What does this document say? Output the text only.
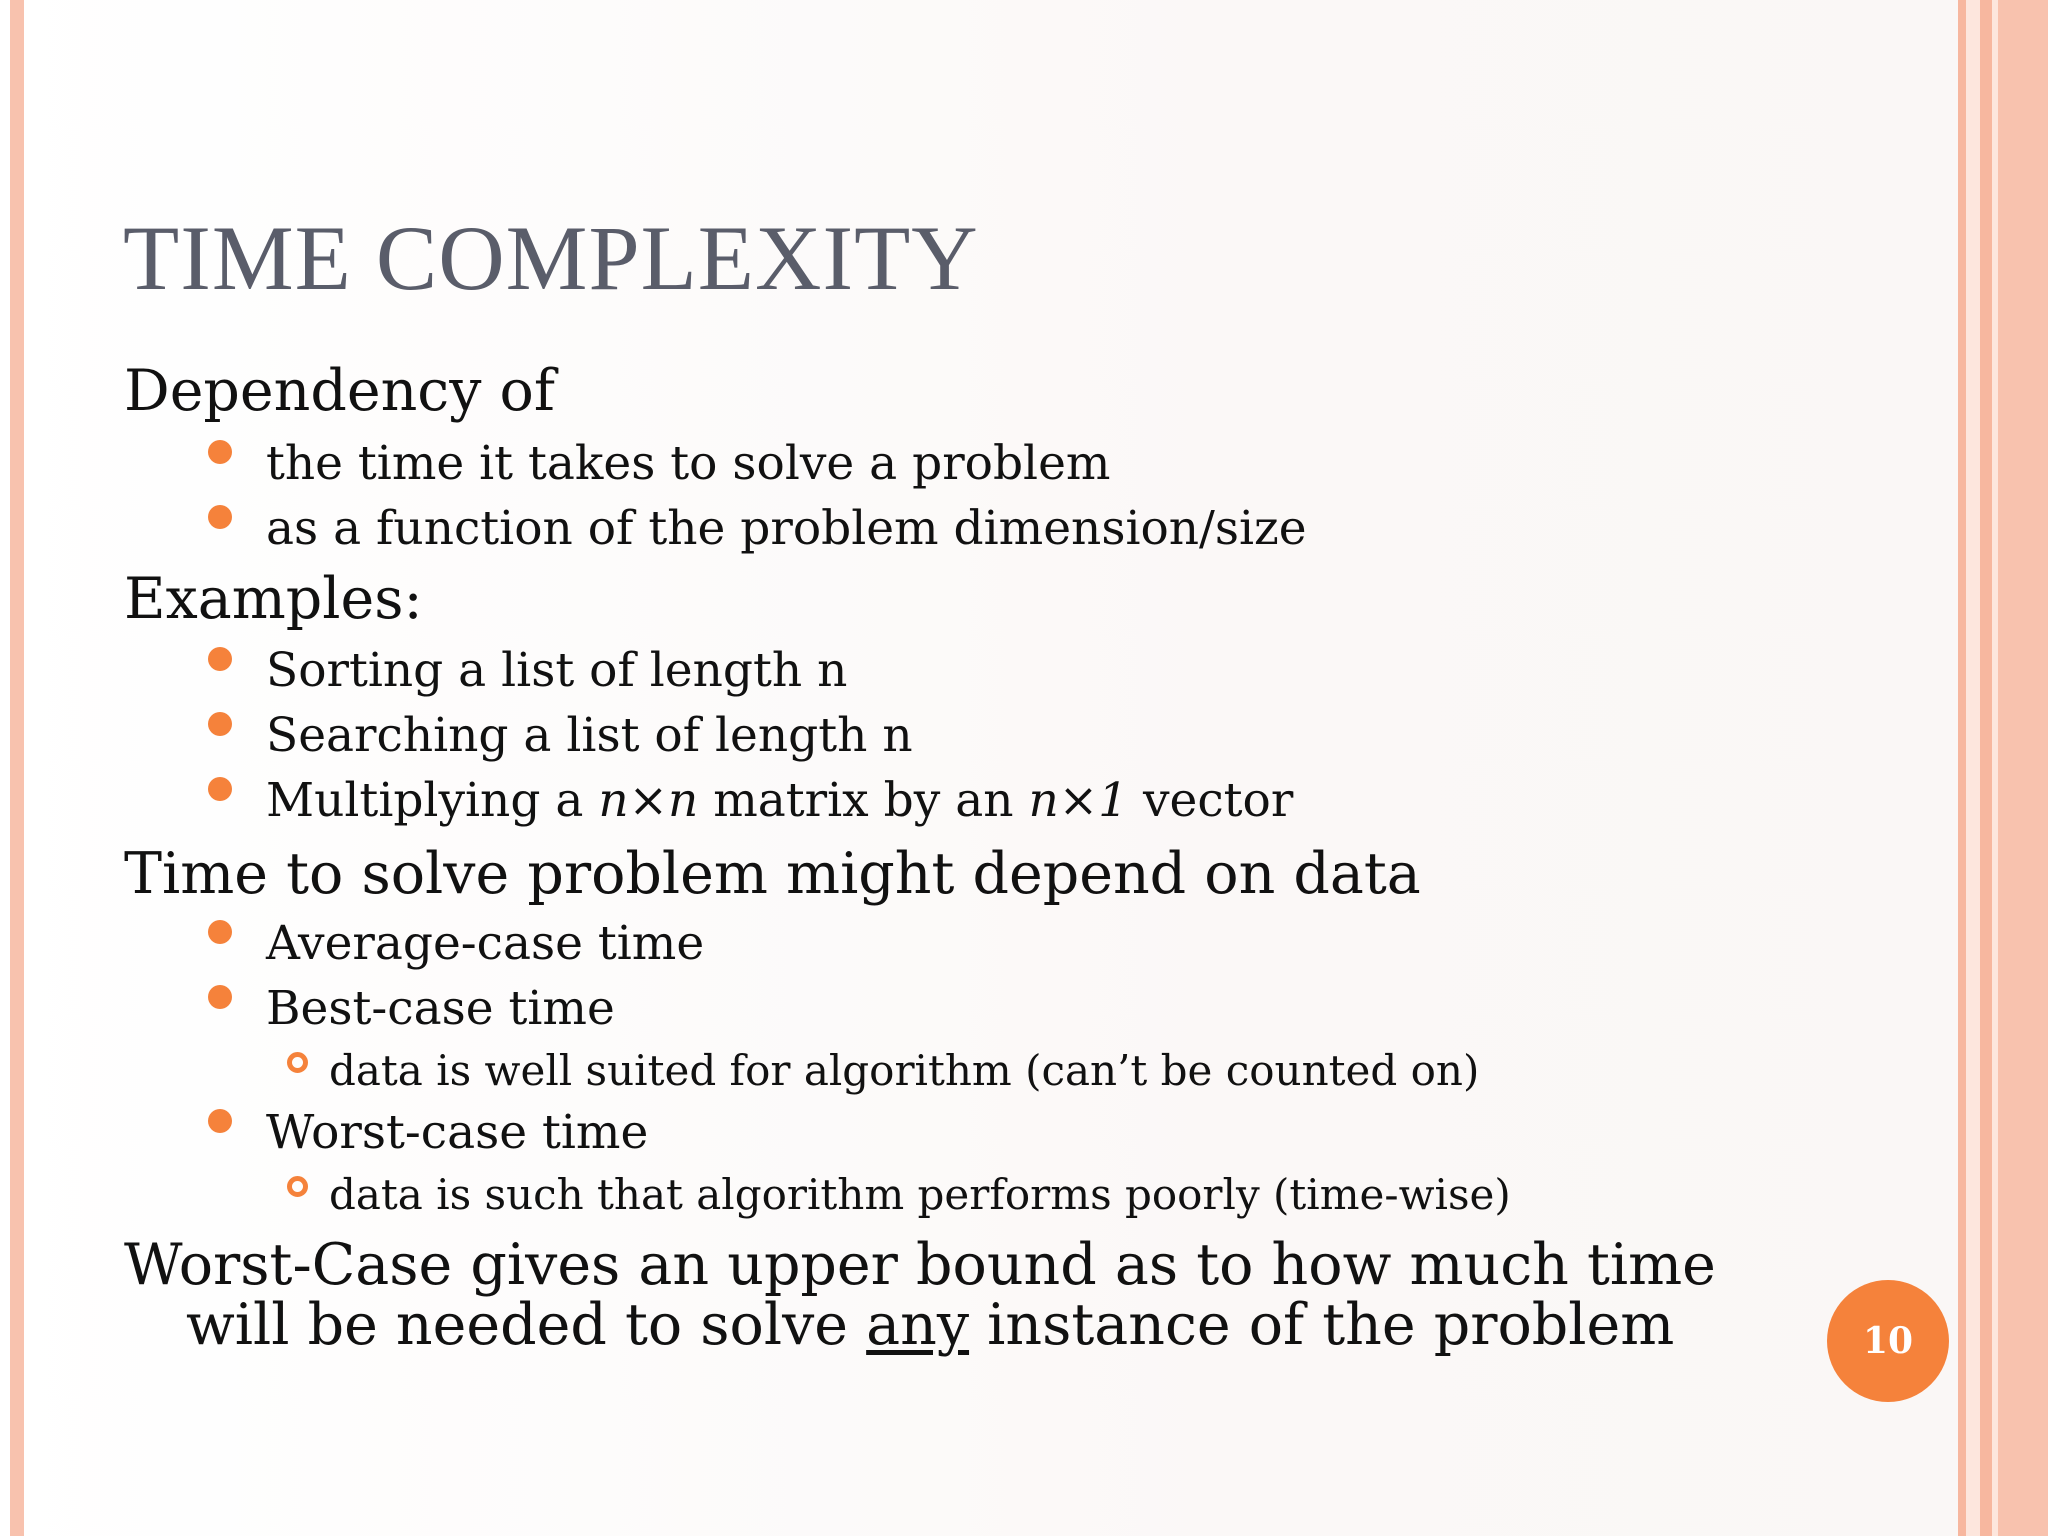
TIME COMPLEXITY
Dependency of
the time it takes to solve a problem
as a function of the problem dimension/size
Examples:
Sorting a list of length n
Searching a list of length n
Multiplying a n×n matrix by an n×1 vector
Time to solve problem might depend on data
Average-case time
Best-case time
data is well suited for algorithm (can’t be counted on)
Worst-case time
data is such that algorithm performs poorly (time-wise)
Worst-Case gives an upper bound as to how much time
will be needed to solve any instance of the problem	10
